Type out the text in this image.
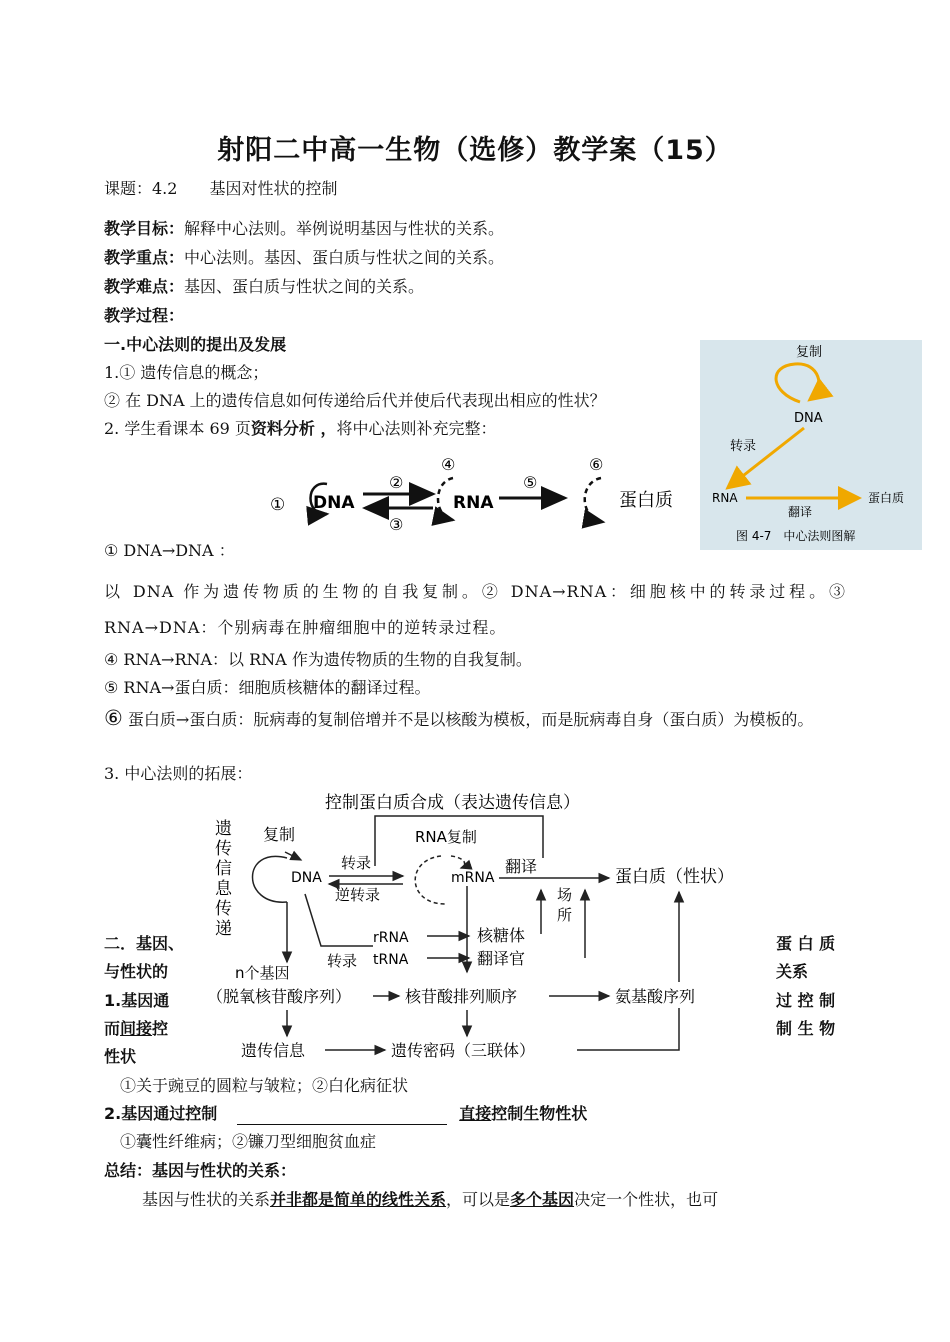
射阳二中高一生物（选修）教学案（15）
课题：4.2　　基因对性状的控制
教学目标：解释中心法则。举例说明基因与性状的关系。
教学重点：中心法则。基因、蛋白质与性状之间的关系。
教学难点：基因、蛋白质与性状之间的关系。
教学过程：
一.中心法则的提出及发展
1.① 遗传信息的概念；
② 在 DNA 上的遗传信息如何传递给后代并使后代表现出相应的性状？
2. 学生看课本 69 页资料分析 ，将中心法则补充完整：
复制
DNA
转录
RNA
翻译
蛋白质
图 4-7　中心法则图解
① DNA
②
③
④
RNA
⑤
⑥
蛋白质
① DNA→DNA ：
以 DNA 作为遗传物质的生物的自我复制。② DNA→RNA：细胞核中的转录过程。③ RNA→DNA：个别病毒在肿瘤细胞中的逆转录过程。
④ RNA→RNA：以 RNA 作为遗传物质的生物的自我复制。
⑤ RNA→蛋白质：细胞质核糖体的翻译过程。
⑥ 蛋白质→蛋白质：朊病毒的复制倍增并不是以核酸为模板，而是朊病毒自身（蛋白质）为模板的。
3. 中心法则的拓展：
控制蛋白质合成（表达遗传信息）
遗
传
信
息
传
递
复制
DNA
转录
逆转录
RNA复制
mRNA
翻译
蛋白质（性状）
场
所
转录
rRNA
tRNA
核糖体
翻译官
n个基因
（脱氧核苷酸序列）	核苷酸排列顺序	氨基酸序列
遗传信息	遗传密码（三联体）
二．基因、
与性状的
1.基因通
而间接控
性状
蛋 白 质
关系
过 控 制
制 生 物
①关于豌豆的圆粒与皱粒；②白化病征状
2.基因通过控制	直接控制生物性状
①囊性纤维病；②镰刀型细胞贫血症
总结：基因与性状的关系：
基因与性状的关系并非都是简单的线性关系，可以是多个基因决定一个性状，也可
